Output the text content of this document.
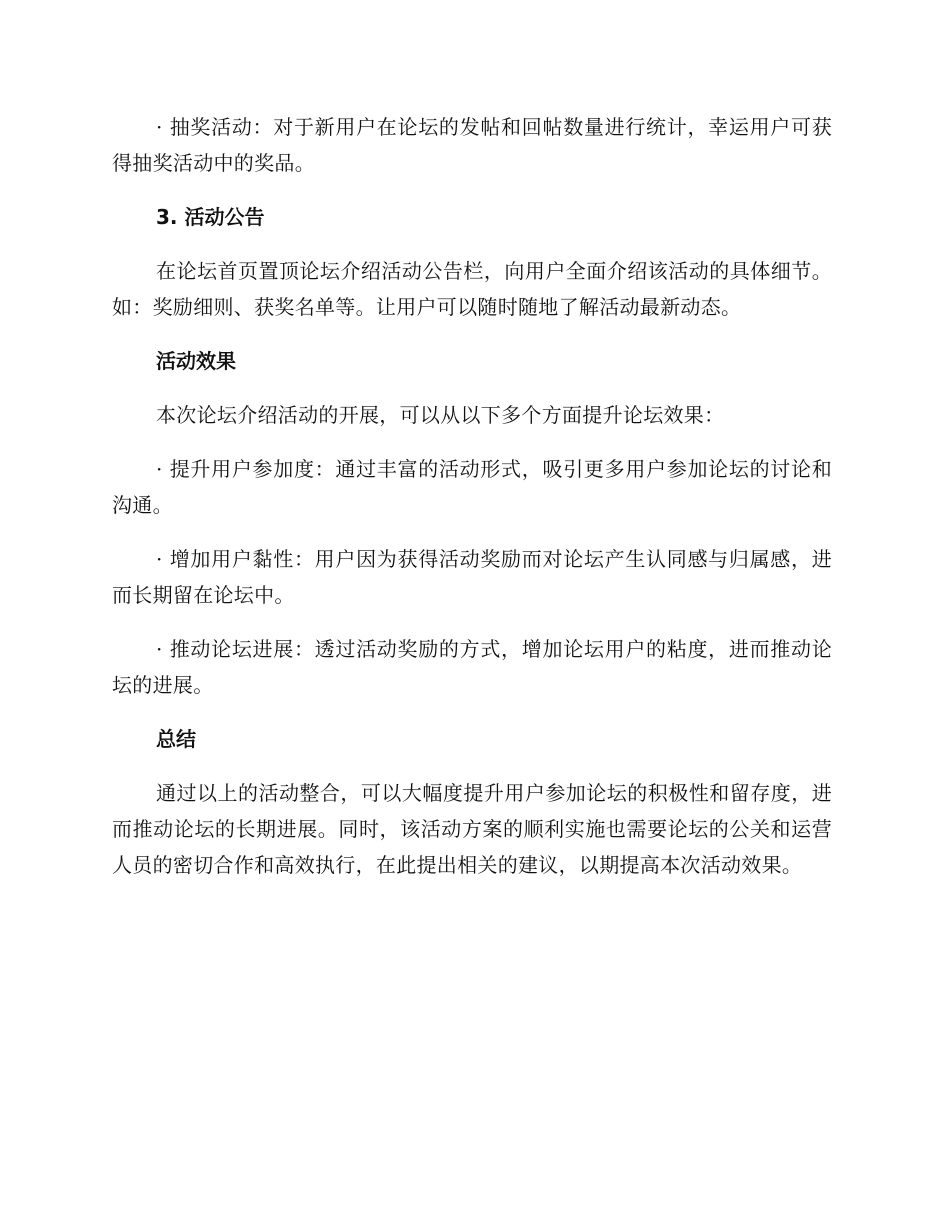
· 抽奖活动：对于新用户在论坛的发帖和回帖数量进行统计，幸运用户可获得抽奖活动中的奖品。

3. 活动公告

在论坛首页置顶论坛介绍活动公告栏，向用户全面介绍该活动的具体细节。如：奖励细则、获奖名单等。让用户可以随时随地了解活动最新动态。

活动效果

本次论坛介绍活动的开展，可以从以下多个方面提升论坛效果：

· 提升用户参加度：通过丰富的活动形式，吸引更多用户参加论坛的讨论和沟通。

· 增加用户黏性：用户因为获得活动奖励而对论坛产生认同感与归属感，进而长期留在论坛中。

· 推动论坛进展：透过活动奖励的方式，增加论坛用户的粘度，进而推动论坛的进展。

总结

通过以上的活动整合，可以大幅度提升用户参加论坛的积极性和留存度，进而推动论坛的长期进展。同时，该活动方案的顺利实施也需要论坛的公关和运营人员的密切合作和高效执行，在此提出相关的建议，以期提高本次活动效果。
